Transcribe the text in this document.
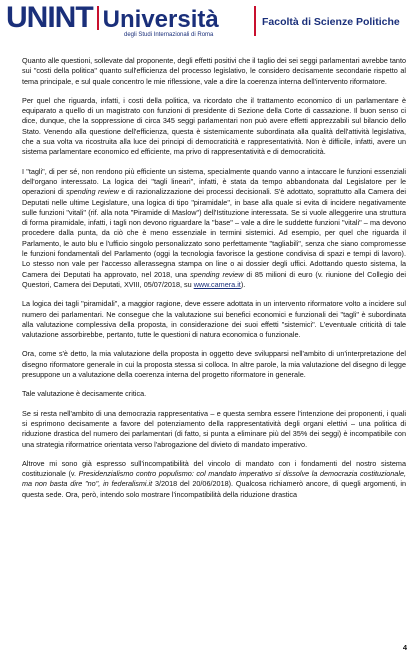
UNINT Università
degli Studi Internazionali di Roma
Facoltà di Scienze Politiche

Quanto alle questioni, sollevate dal proponente, degli effetti positivi che il taglio dei sei seggi parlamentari avrebbe tanto sui "costi della politica" quanto sull'efficienza del processo legislativo, le considero decisamente secondarie rispetto al tema principale, e sul quale concentro le mie riflessione, vale a dire la coerenza interna dell'intervento riformatore.

Per quel che riguarda, infatti, i costi della politica, va ricordato che il trattamento economico di un parlamentare è equiparato a quello di un magistrato con funzioni di presidente di Sezione della Corte di cassazione. Il buon senso ci dice, dunque, che la soppressione di circa 345 seggi parlamentari non può avere effetti apprezzabili sul bilancio dello Stato. Venendo alla questione dell'efficienza, questa è sistemicamente subordinata alla qualità dell'attività legislativa, che a sua volta va ricostruita alla luce dei principi di democraticità e rappresentatività. Non è difficile, infatti, avere un sistema parlamentare economico ed efficiente, ma privo di rappresentatività e di democraticità.

I "tagli", di per sé, non rendono più efficiente un sistema, specialmente quando vanno a intaccare le funzioni essenziali dell'organo interessato. La logica dei "tagli lineari", infatti, è stata da tempo abbandonata dal Legislatore per le operazioni di spending review e di razionalizzazione dei processi decisionali. S'è adottato, soprattutto alla Camera dei Deputati nelle ultime Legislature, una logica di tipo "piramidale", in base alla quale si evita di incidere negativamente sulle funzioni "vitali" (rif. alla nota "Piramide di Maslow") dell'Istituzione interessata. Se si vuole alleggerire una struttura di forma piramidale, infatti, i tagli non devono riguardare la "base" – vale a dire le suddette funzioni "vitali" – ma devono procedere dalla punta, da ciò che è meno essenziale in termini sistemici. Ad esempio, per quel che riguarda il Parlamento, le auto blu e l'ufficio singolo personalizzato sono perfettamente "tagliabili", senza che siano compromesse le funzioni fondamentali del Parlamento (oggi la tecnologia favorisce la gestione condivisa di spazi e tempi di lavoro). Lo stesso non vale per l'accesso allerassegna stampa on line o ai dossier degli uffici. Adottando questo sistema, la Camera dei Deputati ha approvato, nel 2018, una spending review di 85 milioni di euro (v. riunione del Collegio dei Questori, Camera dei Deputati, XVIII, 05/07/2018, su www.camera.it).

La logica dei tagli "piramidali", a maggior ragione, deve essere adottata in un intervento riformatore volto a incidere sul numero dei parlamentari. Ne consegue che la valutazione sui benefici economici e funzionali dei "tagli" è subordinata alla valutazione complessiva della proposta, in considerazione dei suoi effetti "sistemici". L'eventuale criticità di tale valutazione assorbirebbe, pertanto, tutte le questioni di natura economica o funzionale.

Ora, come s'è detto, la mia valutazione della proposta in oggetto deve svilupparsi nell'ambito di un'interpretazione del disegno riformatore generale in cui la proposta stessa si colloca. In altre parole, la mia valutazione del disegno di legge presuppone un a valutazione della coerenza interna del progetto riformatore in generale.

Tale valutazione è decisamente critica.

Se si resta nell'ambito di una democrazia rappresentativa – e questa sembra essere l'intenzione dei proponenti, i quali si esprimono decisamente a favore del potenziamento della rappresentatività degli organi elettivi – una politica di riduzione drastica del numero dei parlamentari (di fatto, si punta a eliminare più del 35% dei seggi) è incompatibile con una strategia riformatrice orientata verso l'abrogazione del divieto di mandato imperativo.

Altrove mi sono già espresso sull'incompatibilità del vincolo di mandato con i fondamenti del nostro sistema costituzionale (v. Presidenzialismo contro populismo: col mandato imperativo si dissolve la democrazia costituzionale, ma non basta dire "no", in federalismi.it 3/2018 del 20/06/2018). Qualcosa richiamerò ancore, di quegli argomenti, in questa sede. Ora, però, intendo solo mostrare l'incompatibilità della riduzione drastica

4
